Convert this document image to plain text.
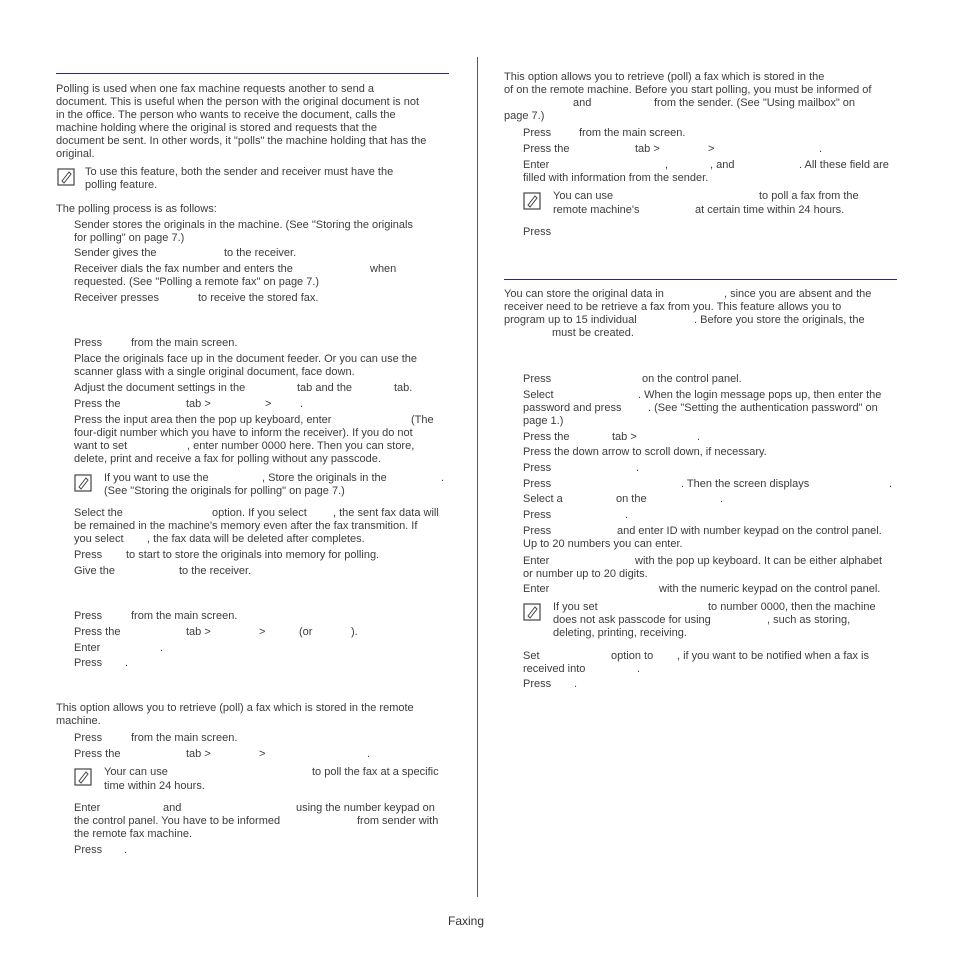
Polling is used when one fax machine requests another to send a
document. This is useful when the person with the original document is not
in the office. The person who wants to receive the document, calls the
machine holding where the original is stored and requests that the
document be sent. In other words, it "polls" the machine holding that has the
original.
To use this feature, both the sender and receiver must have the
polling feature.
The polling process is as follows:
Sender stores the originals in the machine. (See "Storing the originals
for polling" on page 7.)
Sender gives the	to the receiver.
Receiver dials the fax number and enters the	when
requested. (See "Polling a remote fax" on page 7.)
Receiver presses	to receive the stored fax.
Press	from the main screen.
Place the originals face up in the document feeder. Or you can use the
scanner glass with a single original document, face down.
Adjust the document settings in the	tab and the	tab.
Press the	tab >	>	.
Press the input area then the pop up keyboard, enter	(The
four-digit number which you have to inform the receiver). If you do not
want to set	, enter number 0000 here. Then you can store,
delete, print and receive a fax for polling without any passcode.
If you want to use the	, Store the originals in the	.
(See "Storing the originals for polling" on page 7.)
Select the	option. If you select , the sent fax data will
be remained in the machine’s memory even after the fax transmition. If
you select , the fax data will be deleted after completes.
Press to start to store the originals into memory for polling.
Give the	to the receiver.
Press	from the main screen.
Press the	tab >	>	(or	).
Enter	.
Press .
This option allows you to retrieve (poll) a fax which is stored in the remote
machine.
Press	from the main screen.
Press the	tab >	>	.
Your can use	to poll the fax at a specific
time within 24 hours.
Enter	and	using the number keypad on
the control panel. You have to be informed	from sender with
the remote fax machine.
Press .
This option allows you to retrieve (poll) a fax which is stored in the
of on the remote machine. Before you start polling, you must be informed of
and	from the sender. (See "Using mailbox" on
page 7.)
Press	from the main screen.
Press the	tab >	>	.
Enter	,	, and	. All these field are
filled with information from the sender.
You can use	to poll a fax from the
remote machine's	at certain time within 24 hours.
Press
You can store the original data in	, since you are absent and the
receiver need to be retrieve a fax from you. This feature allows you to
program up to 15 individual	. Before you store the originals, the
must be created.
Press	on the control panel.
Select	. When the login message pops up, then enter the
password and press . (See "Setting the authentication password" on
page 1.)
Press the	tab >	.
Press the down arrow to scroll down, if necessary.
Press	.
Press	. Then the screen displays	.
Select a	on the	.
Press	.
Press	and enter ID with number keypad on the control panel.
Up to 20 numbers you can enter.
Enter	with the pop up keyboard. It can be either alphabet
or number up to 20 digits.
Enter	with the numeric keypad on the control panel.
If you set	to number 0000, then the machine
does not ask passcode for using	, such as storing,
deleting, printing, receiving.
Set	option to , if you want to be notified when a fax is
received into	.
Press .
Faxing
